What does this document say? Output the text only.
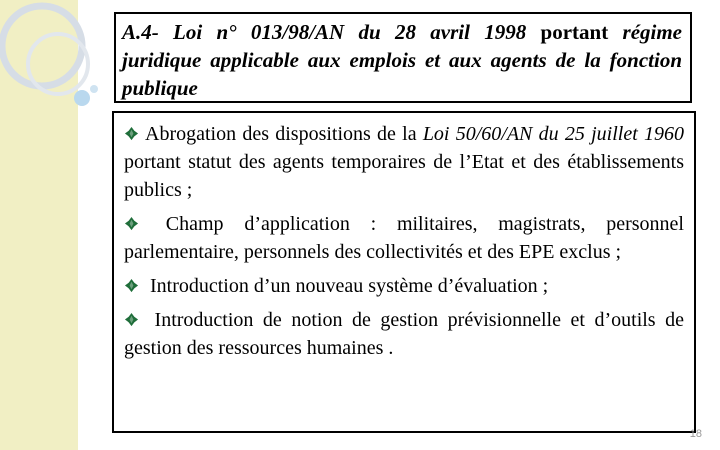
A.4- Loi n° 013/98/AN du 28 avril 1998 portant régime juridique applicable aux emplois et aux agents de la fonction publique

Abrogation des dispositions de la Loi 50/60/AN du 25 juillet 1960 portant statut des agents temporaires de l’Etat et des établissements publics ;

Champ d’application : militaires, magistrats, personnel parlementaire, personnels des collectivités et des EPE exclus ;

Introduction d’un nouveau système d’évaluation ;

Introduction de notion de gestion prévisionnelle et d’outils de gestion des ressources humaines .

18
